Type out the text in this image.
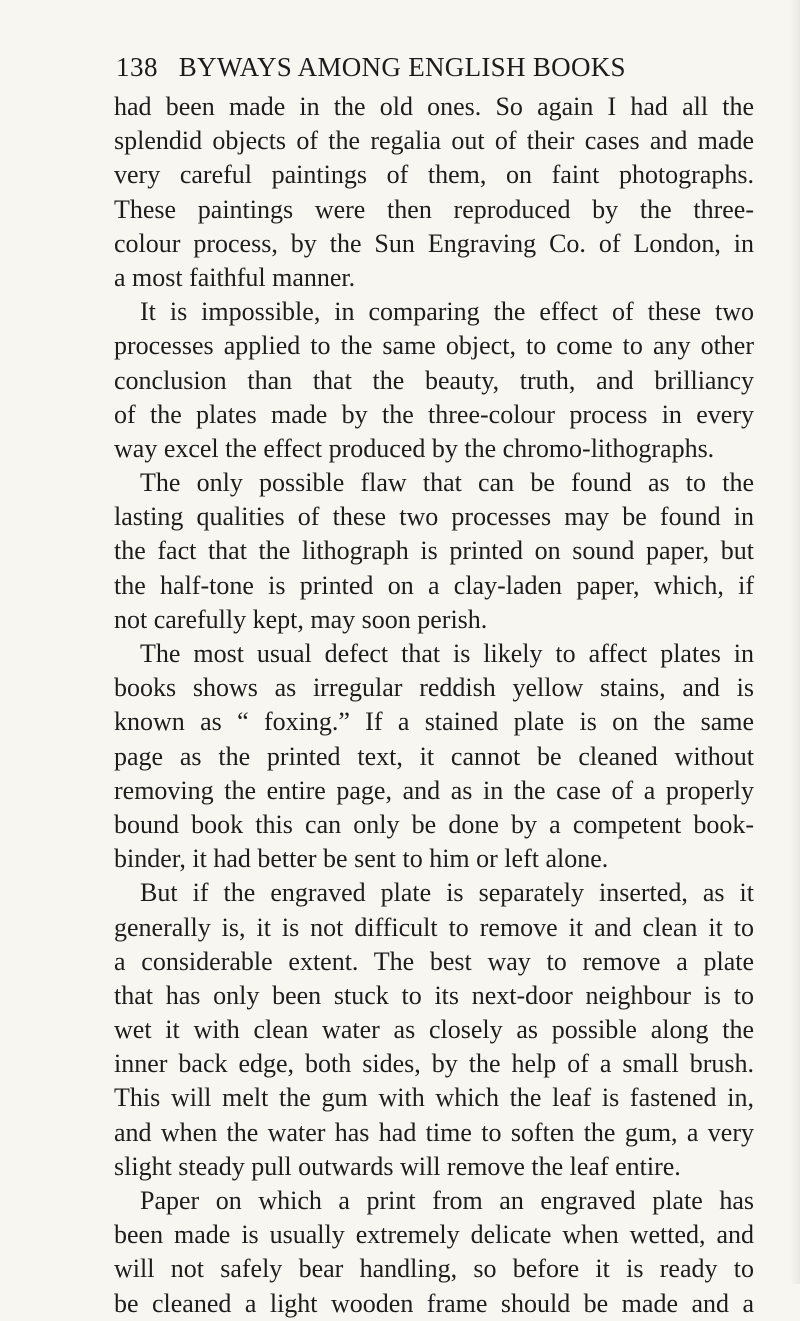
138 BYWAYS AMONG ENGLISH BOOKS
had been made in the old ones. So again I had all the
splendid objects of the regalia out of their cases and made
very careful paintings of them, on faint photographs.
These paintings were then reproduced by the three-
colour process, by the Sun Engraving Co. of London, in
a most faithful manner.
It is impossible, in comparing the effect of these two
processes applied to the same object, to come to any other
conclusion than that the beauty, truth, and brilliancy
of the plates made by the three-colour process in every
way excel the effect produced by the chromo-lithographs.
The only possible flaw that can be found as to the
lasting qualities of these two processes may be found in
the fact that the lithograph is printed on sound paper, but
the half-tone is printed on a clay-laden paper, which, if
not carefully kept, may soon perish.
The most usual defect that is likely to affect plates in
books shows as irregular reddish yellow stains, and is
known as “ foxing.” If a stained plate is on the same
page as the printed text, it cannot be cleaned without
removing the entire page, and as in the case of a properly
bound book this can only be done by a competent book-
binder, it had better be sent to him or left alone.
But if the engraved plate is separately inserted, as it
generally is, it is not difficult to remove it and clean it to
a considerable extent. The best way to remove a plate
that has only been stuck to its next-door neighbour is to
wet it with clean water as closely as possible along the
inner back edge, both sides, by the help of a small brush.
This will melt the gum with which the leaf is fastened in,
and when the water has had time to soften the gum, a very
slight steady pull outwards will remove the leaf entire.
Paper on which a print from an engraved plate has
been made is usually extremely delicate when wetted, and
will not safely bear handling, so before it is ready to
be cleaned a light wooden frame should be made and a
